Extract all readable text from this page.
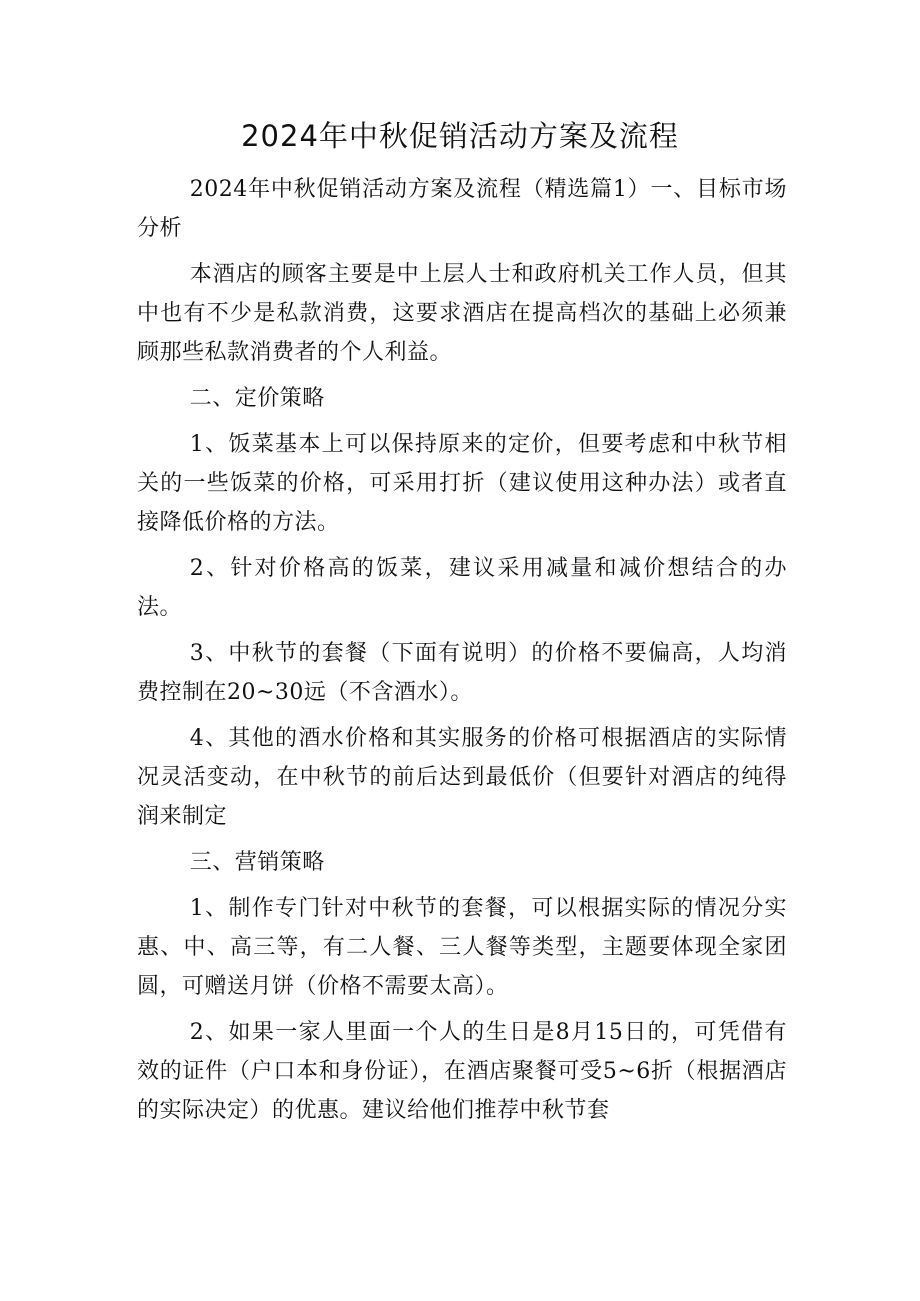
2024年中秋促销活动方案及流程

2024年中秋促销活动方案及流程（精选篇1）一、目标市场分析

本酒店的顾客主要是中上层人士和政府机关工作人员，但其中也有不少是私款消费，这要求酒店在提高档次的基础上必须兼顾那些私款消费者的个人利益。

二、定价策略

1、饭菜基本上可以保持原来的定价，但要考虑和中秋节相关的一些饭菜的价格，可采用打折（建议使用这种办法）或者直接降低价格的方法。

2、针对价格高的饭菜，建议采用减量和减价想结合的办法。

3、中秋节的套餐（下面有说明）的价格不要偏高，人均消费控制在20~30远（不含酒水）。

4、其他的酒水价格和其实服务的价格可根据酒店的实际情况灵活变动，在中秋节的前后达到最低价（但要针对酒店的纯得润来制定

三、营销策略

1、制作专门针对中秋节的套餐，可以根据实际的情况分实惠、中、高三等，有二人餐、三人餐等类型，主题要体现全家团圆，可赠送月饼（价格不需要太高）。

2、如果一家人里面一个人的生日是8月15日的，可凭借有效的证件（户口本和身份证），在酒店聚餐可受5~6折（根据酒店的实际决定）的优惠。建议给他们推荐中秋节套
